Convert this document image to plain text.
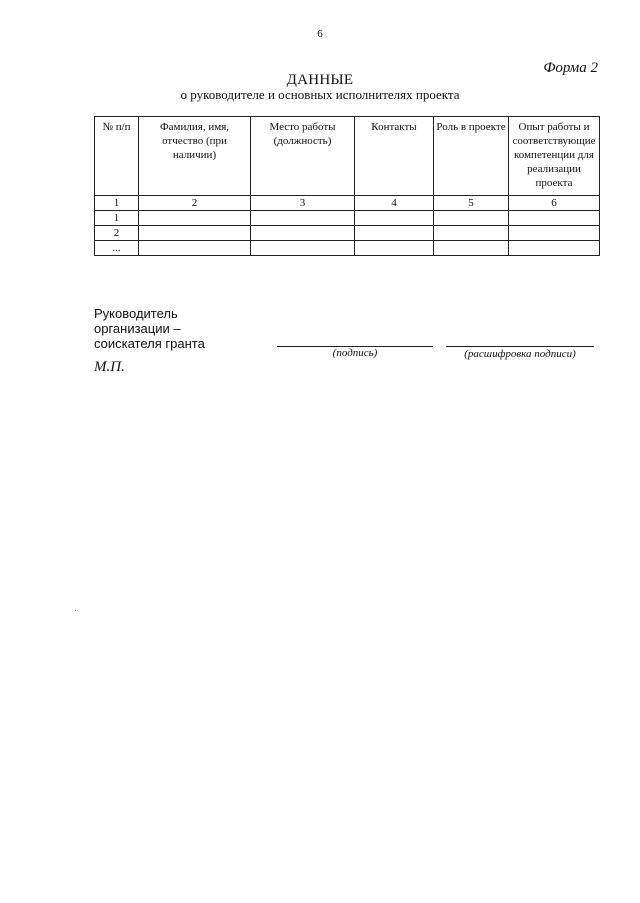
6
Форма 2
ДАННЫЕ
о руководителе и основных исполнителях проекта
№ п/п	Фамилия, имя, отчество (при наличии)	Место работы (должность)	Контакты	Роль в проекте	Опыт работы и соответствующие компетенции для реализации проекта
1	2	3	4	5	6
1					
2					
...					
Руководитель
организации –
соискателя гранта
(подпись)	(расшифровка подписи)
М.П.
